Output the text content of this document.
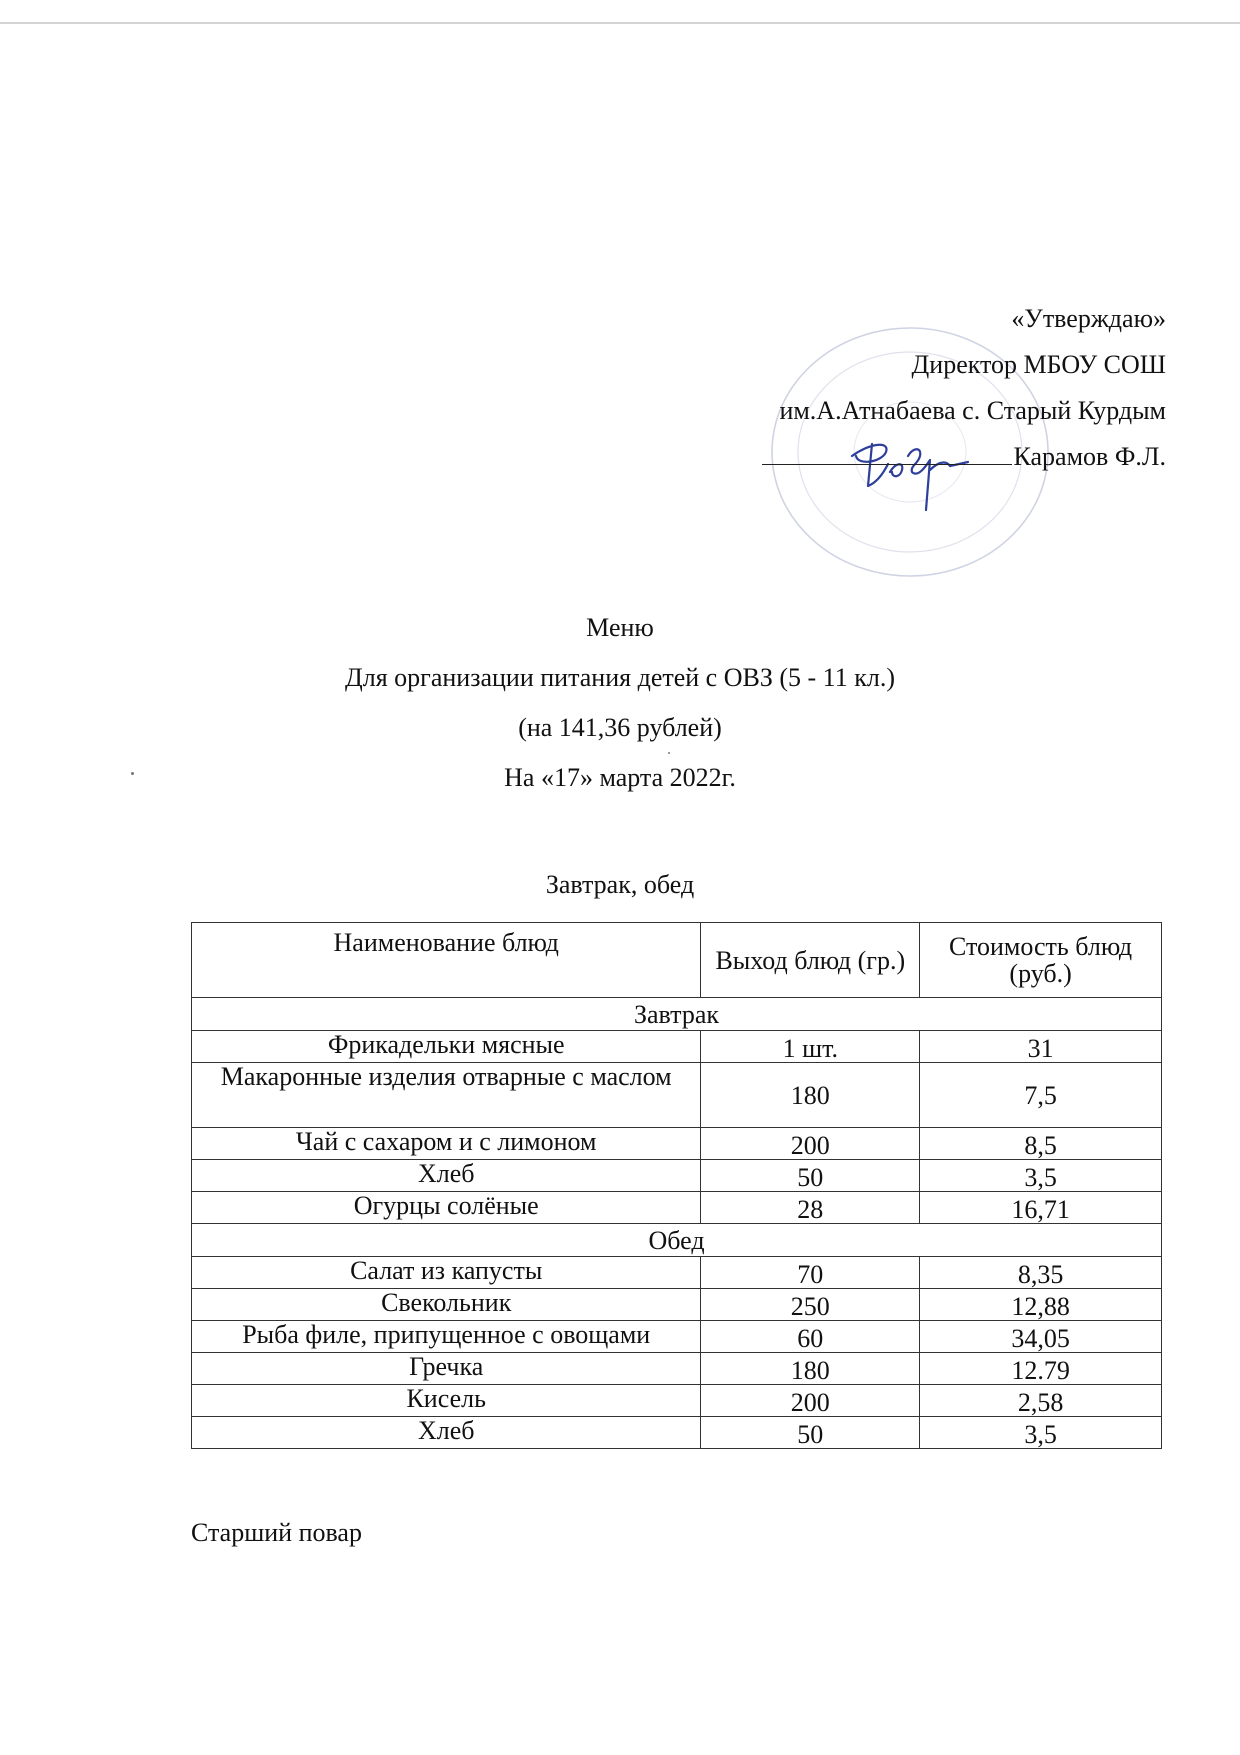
«Утверждаю»
Директор МБОУ СОШ
им.А.Атнабаева с. Старый Курдым
Карамов Ф.Л.
Меню
Для организации питания детей с ОВЗ (5 - 11 кл.)
(на 141,36 рублей)
На «17» марта 2022г.
Завтрак, обед
Наименование блюд	Выход блюд (гр.)	Стоимость блюд (руб.)
Завтрак		
Фрикадельки мясные	1 шт.	31
Макаронные изделия отварные с маслом	180	7,5
Чай с сахаром и с лимоном	200	8,5
Хлеб	50	3,5
Огурцы солёные	28	16,71
Обед		
Салат из капусты	70	8,35
Свекольник	250	12,88
Рыба филе, припущенное с овощами	60	34,05
Гречка	180	12.79
Кисель	200	2,58
Хлеб	50	3,5
Старший повар
